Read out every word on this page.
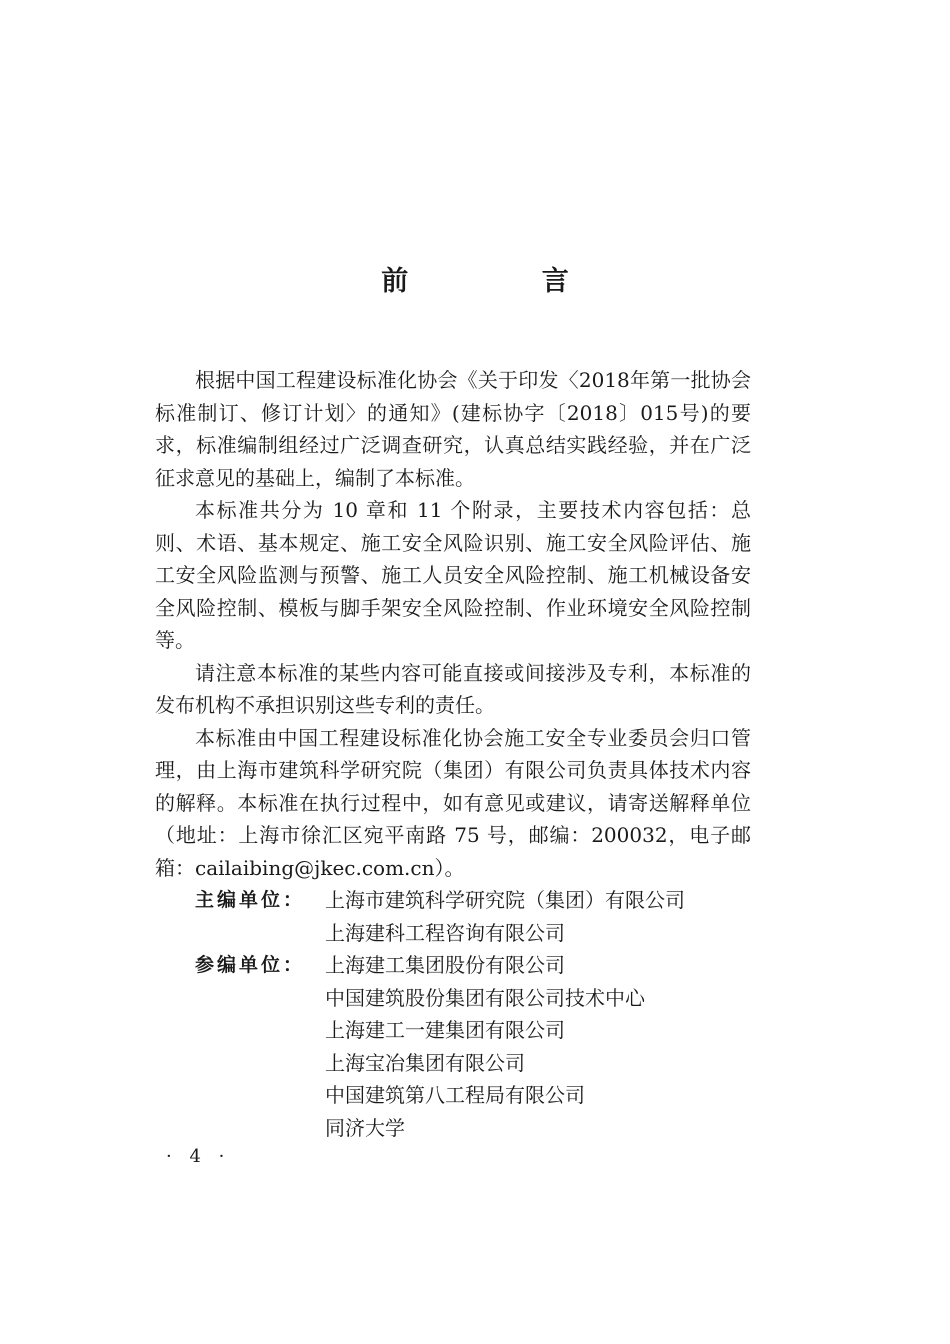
前 言

根据中国工程建设标准化协会《关于印发〈2018年第一批协会标准制订、修订计划〉的通知》(建标协字〔2018〕015号)的要求，标准编制组经过广泛调查研究，认真总结实践经验，并在广泛征求意见的基础上，编制了本标准。

本标准共分为 10 章和 11 个附录，主要技术内容包括：总则、术语、基本规定、施工安全风险识别、施工安全风险评估、施工安全风险监测与预警、施工人员安全风险控制、施工机械设备安全风险控制、模板与脚手架安全风险控制、作业环境安全风险控制等。

请注意本标准的某些内容可能直接或间接涉及专利，本标准的发布机构不承担识别这些专利的责任。

本标准由中国工程建设标准化协会施工安全专业委员会归口管理，由上海市建筑科学研究院（集团）有限公司负责具体技术内容的解释。本标准在执行过程中，如有意见或建议，请寄送解释单位（地址：上海市徐汇区宛平南路 75 号，邮编：200032，电子邮箱：cailaibing@jkec.com.cn）。

主编单位： 上海市建筑科学研究院（集团）有限公司
上海建科工程咨询有限公司
参编单位： 上海建工集团股份有限公司
中国建筑股份集团有限公司技术中心
上海建工一建集团有限公司
上海宝冶集团有限公司
中国建筑第八工程局有限公司
同济大学
· 4 ·
